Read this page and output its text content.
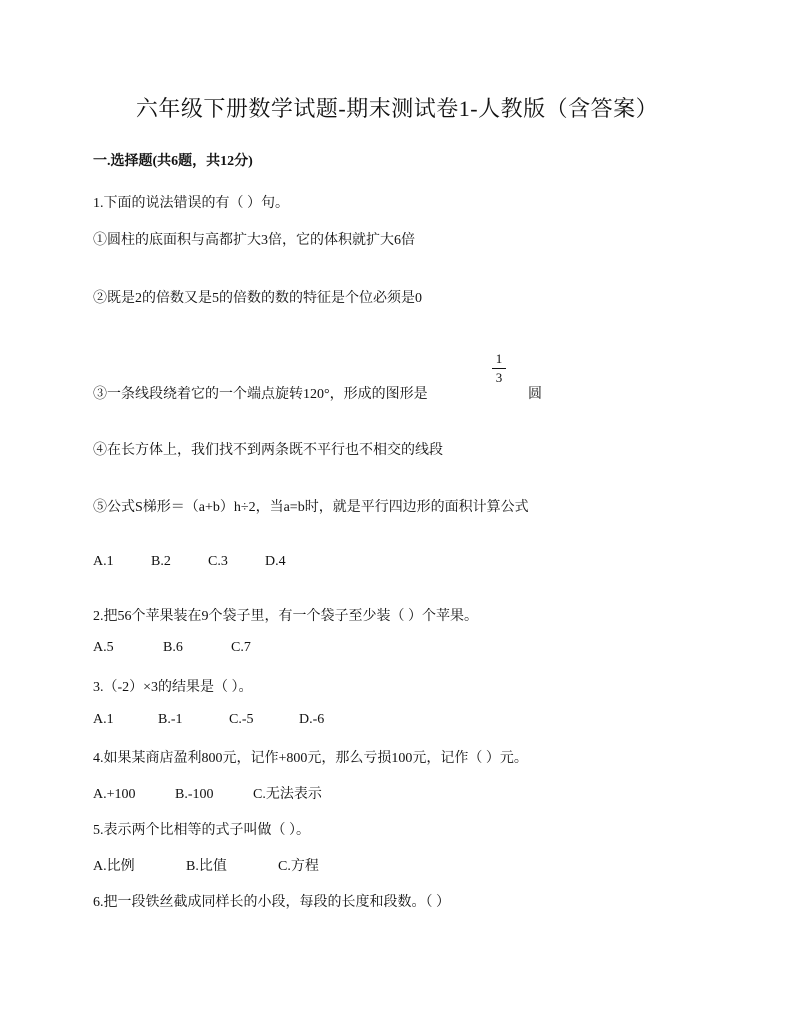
六年级下册数学试题-期末测试卷1-人教版（含答案）
一.选择题(共6题，共12分)
1.下面的说法错误的有（ ）句。
①圆柱的底面积与高都扩大3倍，它的体积就扩大6倍
②既是2的倍数又是5的倍数的数的特征是个位必须是0
③一条线段绕着它的一个端点旋转120°，形成的图形是
1
3
圆
④在长方体上，我们找不到两条既不平行也不相交的线段
⑤公式S梯形＝（a+b）h÷2，当a=b时，就是平行四边形的面积计算公式
A.1	B.2	C.3	D.4
2.把56个苹果装在9个袋子里，有一个袋子至少装（ ）个苹果。
A.5	B.6	C.7
3.（-2）×3的结果是（ ）。
A.1	B.-1	C.-5	D.-6
4.如果某商店盈利800元，记作+800元，那么亏损100元，记作（ ）元。
A.+100	B.-100	C.无法表示
5.表示两个比相等的式子叫做（ ）。
A.比例	B.比值	C.方程
6.把一段铁丝截成同样长的小段，每段的长度和段数。（ ）
